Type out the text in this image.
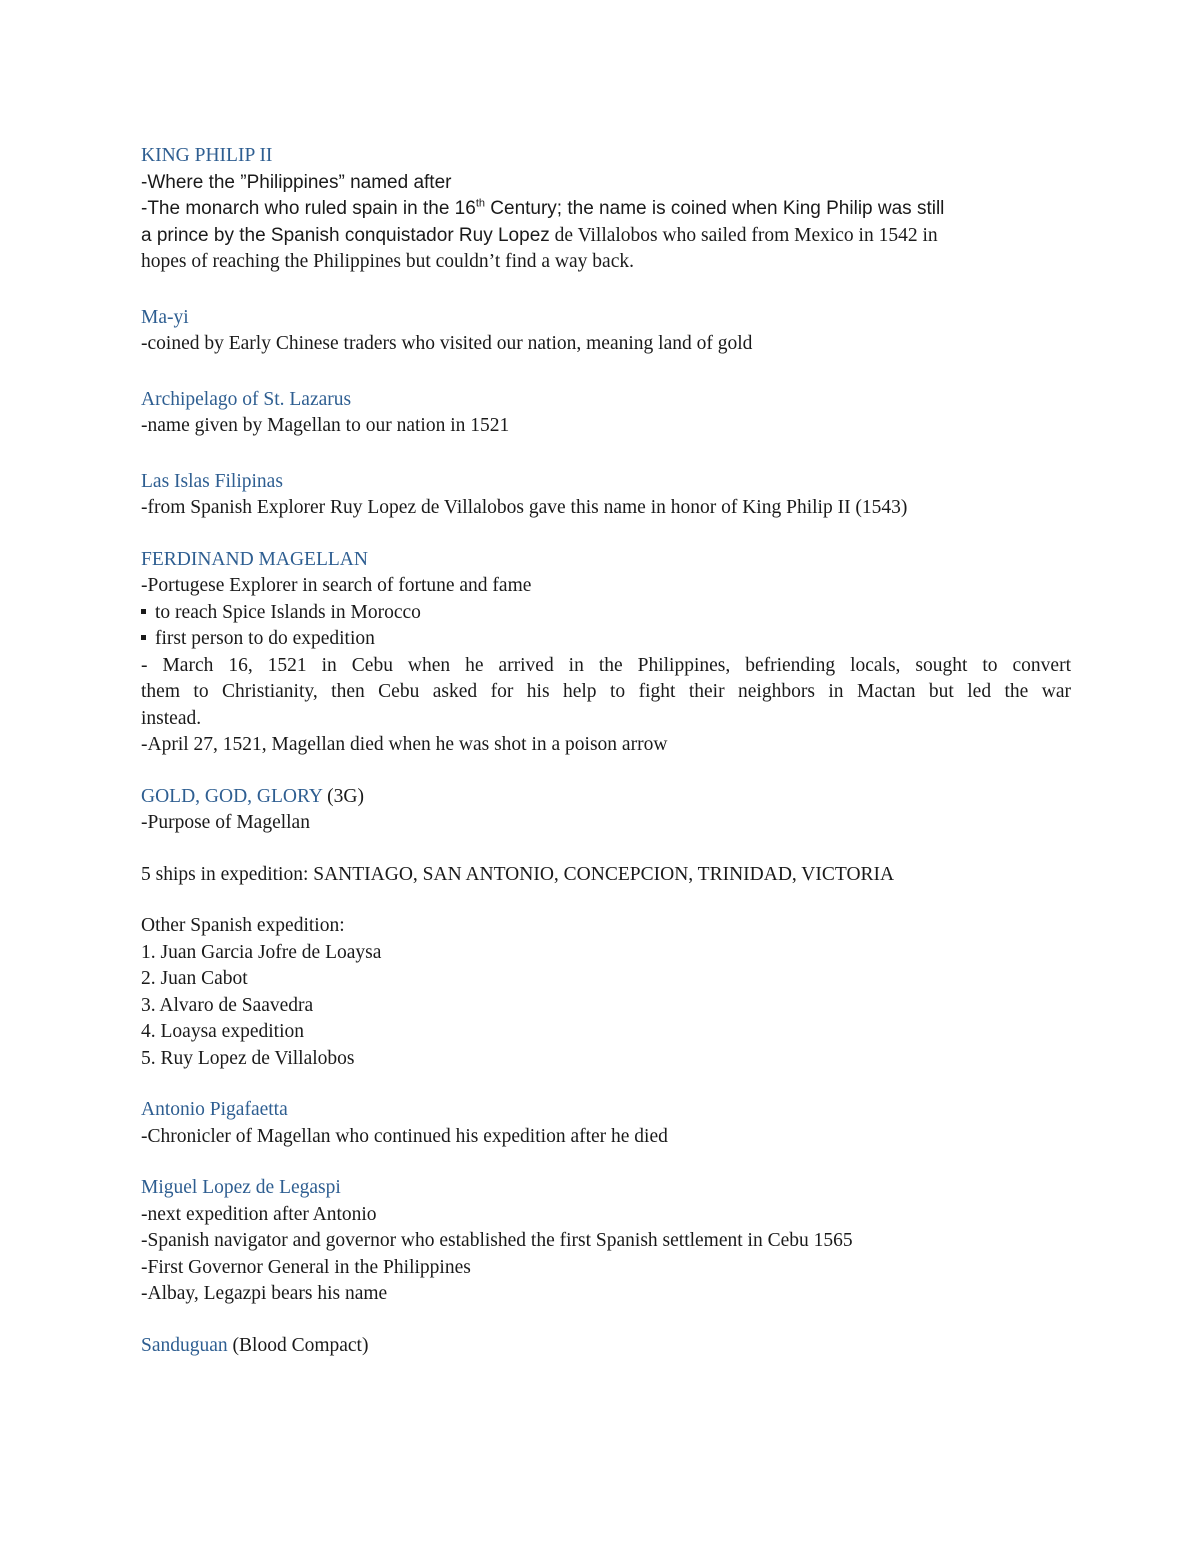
KING PHILIP II
-Where the ”Philippines” named after
-The monarch who ruled spain in the 16th Century; the name is coined when King Philip was still
a prince by the Spanish conquistador Ruy Lopez de Villalobos who sailed from Mexico in 1542 in
hopes of reaching the Philippines but couldn’t find a way back.
Ma-yi
-coined by Early Chinese traders who visited our nation, meaning land of gold
Archipelago of St. Lazarus
-name given by Magellan to our nation in 1521
Las Islas Filipinas
-from Spanish Explorer Ruy Lopez de Villalobos gave this name in honor of King Philip II (1543)
FERDINAND MAGELLAN
-Portugese Explorer in search of fortune and fame
to reach Spice Islands in Morocco
first person to do expedition
- March 16, 1521 in Cebu when he arrived in the Philippines, befriending locals, sought to convert
them to Christianity, then Cebu asked for his help to fight their neighbors in Mactan but led the war
instead.
-April 27, 1521, Magellan died when he was shot in a poison arrow
GOLD, GOD, GLORY (3G)
-Purpose of Magellan
5 ships in expedition: SANTIAGO, SAN ANTONIO, CONCEPCION, TRINIDAD, VICTORIA
Other Spanish expedition:
1. Juan Garcia Jofre de Loaysa
2. Juan Cabot
3. Alvaro de Saavedra
4. Loaysa expedition
5. Ruy Lopez de Villalobos
Antonio Pigafaetta
-Chronicler of Magellan who continued his expedition after he died
Miguel Lopez de Legaspi
-next expedition after Antonio
-Spanish navigator and governor who established the first Spanish settlement in Cebu 1565
-First Governor General in the Philippines
-Albay, Legazpi bears his name
Sanduguan (Blood Compact)
